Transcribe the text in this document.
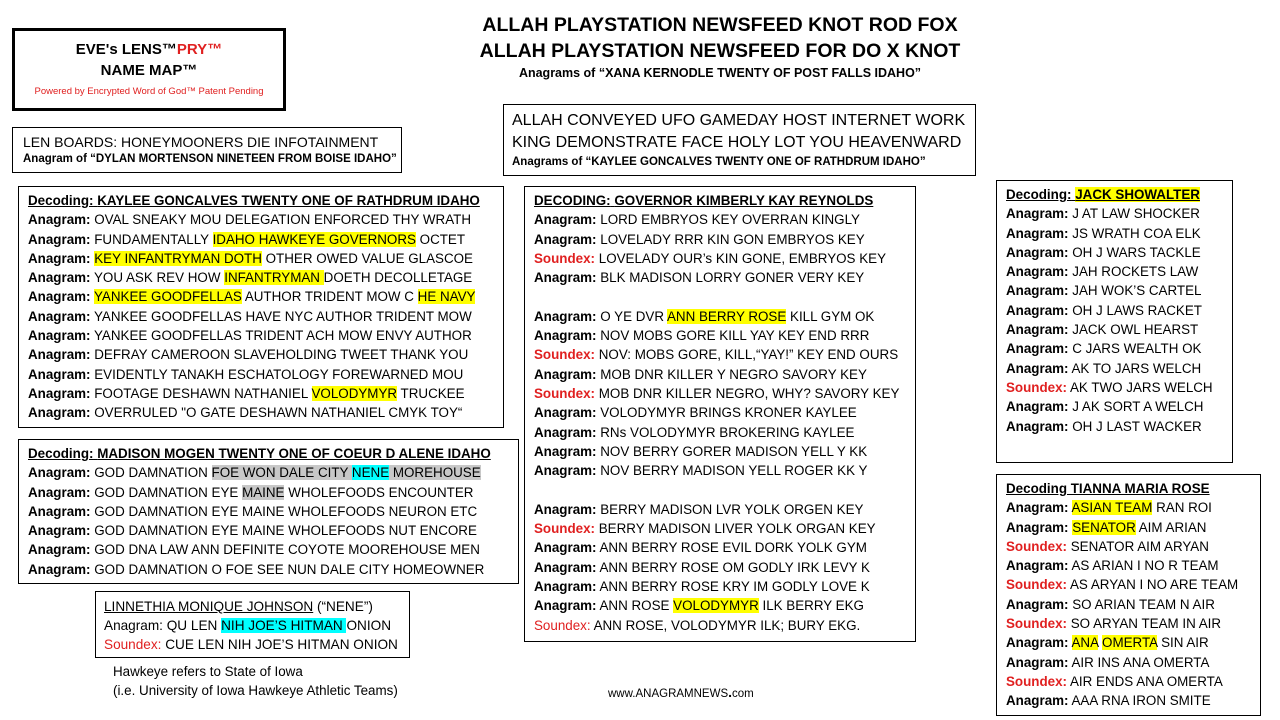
EVE's LENS™PRY™
NAME MAP™
Powered by Encrypted Word of God™ Patent Pending
ALLAH PLAYSTATION NEWSFEED KNOT ROD FOX
ALLAH PLAYSTATION NEWSFEED FOR DO X KNOT
Anagrams of “XANA KERNODLE TWENTY OF POST FALLS IDAHO”
LEN BOARDS: HONEYMOONERS DIE INFOTAINMENT
Anagram of “DYLAN MORTENSON NINETEEN FROM BOISE IDAHO”
ALLAH CONVEYED UFO GAMEDAY HOST INTERNET WORK
KING DEMONSTRATE FACE HOLY LOT YOU HEAVENWARD
Anagrams of “KAYLEE GONCALVES TWENTY ONE OF RATHDRUM IDAHO”
Decoding: KAYLEE GONCALVES TWENTY ONE OF RATHDRUM IDAHO
Anagram: OVAL SNEAKY MOU DELEGATION ENFORCED THY WRATH
Anagram: FUNDAMENTALLY IDAHO HAWKEYE GOVERNORS OCTET
Anagram: KEY INFANTRYMAN DOTH OTHER OWED VALUE GLASCOE
Anagram: YOU ASK REV HOW INFANTRYMAN DOETH DECOLLETAGE
Anagram: YANKEE GOODFELLAS AUTHOR TRIDENT MOW C HE NAVY
Anagram: YANKEE GOODFELLAS HAVE NYC AUTHOR TRIDENT MOW
Anagram: YANKEE GOODFELLAS TRIDENT ACH MOW ENVY AUTHOR
Anagram: DEFRAY CAMEROON SLAVEHOLDING TWEET THANK YOU
Anagram: EVIDENTLY TANAKH ESCHATOLOGY FOREWARNED MOU
Anagram: FOOTAGE DESHAWN NATHANIEL VOLODYMYR TRUCKEE
Anagram: OVERRULED "O GATE DESHAWN NATHANIEL CMYK TOY“
Decoding: MADISON MOGEN TWENTY ONE OF COEUR D ALENE IDAHO
Anagram: GOD DAMNATION FOE WON DALE CITY NENE MOREHOUSE
Anagram: GOD DAMNATION EYE MAINE WHOLEFOODS ENCOUNTER
Anagram: GOD DAMNATION EYE MAINE WHOLEFOODS NEURON ETC
Anagram: GOD DAMNATION EYE MAINE WHOLEFOODS NUT ENCORE
Anagram: GOD DNA LAW ANN DEFINITE COYOTE MOOREHOUSE MEN
Anagram: GOD DAMNATION O FOE SEE NUN DALE CITY HOMEOWNER
LINNETHIA MONIQUE JOHNSON (“NENE”)
Anagram: QU LEN NIH JOE’S HITMAN ONION
Soundex: CUE LEN NIH JOE’S HITMAN ONION
DECODING: GOVERNOR KIMBERLY KAY REYNOLDS
Anagram: LORD EMBRYOS KEY OVERRAN KINGLY
Anagram: LOVELADY RRR KIN GON EMBRYOS KEY
Soundex: LOVELADY OUR’s KIN GONE, EMBRYOS KEY
Anagram: BLK MADISON LORRY GONER VERY KEY
Anagram: O YE DVR ANN BERRY ROSE KILL GYM OK
Anagram: NOV MOBS GORE KILL YAY KEY END RRR
Soundex: NOV: MOBS GORE, KILL,“YAY!” KEY END OURS
Anagram: MOB DNR KILLER Y NEGRO SAVORY KEY
Soundex: MOB DNR KILLER NEGRO, WHY? SAVORY KEY
Anagram: VOLODYMYR BRINGS KRONER KAYLEE
Anagram: RNs VOLODYMYR BROKERING KAYLEE
Anagram: NOV BERRY GORER MADISON YELL Y KK
Anagram: NOV BERRY MADISON YELL ROGER KK Y
Anagram: BERRY MADISON LVR YOLK ORGEN KEY
Soundex: BERRY MADISON LIVER YOLK ORGAN KEY
Anagram: ANN BERRY ROSE EVIL DORK YOLK GYM
Anagram: ANN BERRY ROSE OM GODLY IRK LEVY K
Anagram: ANN BERRY ROSE KRY IM GODLY LOVE K
Anagram: ANN ROSE VOLODYMYR ILK BERRY EKG
Soundex: ANN ROSE, VOLODYMYR ILK; BURY EKG.
Decoding: JACK SHOWALTER
Anagram: J AT LAW SHOCKER
Anagram: JS WRATH COA ELK
Anagram: OH J WARS TACKLE
Anagram: JAH ROCKETS LAW
Anagram: JAH WOK’S CARTEL
Anagram: OH J LAWS RACKET
Anagram: JACK OWL HEARST
Anagram: C JARS WEALTH OK
Anagram: AK TO JARS WELCH
Soundex: AK TWO JARS WELCH
Anagram: J AK SORT A WELCH
Anagram: OH J LAST WACKER
Decoding TIANNA MARIA ROSE
Anagram: ASIAN TEAM RAN ROI
Anagram: SENATOR AIM ARIAN
Soundex: SENATOR AIM ARYAN
Anagram: AS ARIAN I NO R TEAM
Soundex: AS ARYAN I NO ARE TEAM
Anagram: SO ARIAN TEAM N AIR
Soundex: SO ARYAN TEAM IN AIR
Anagram: ANA OMERTA SIN AIR
Anagram: AIR INS ANA OMERTA
Soundex: AIR ENDS ANA OMERTA
Anagram: AAA RNA IRON SMITE
Hawkeye refers to State of Iowa
(i.e. University of Iowa Hawkeye Athletic Teams)	www.ANAGRAMNEWS.com
